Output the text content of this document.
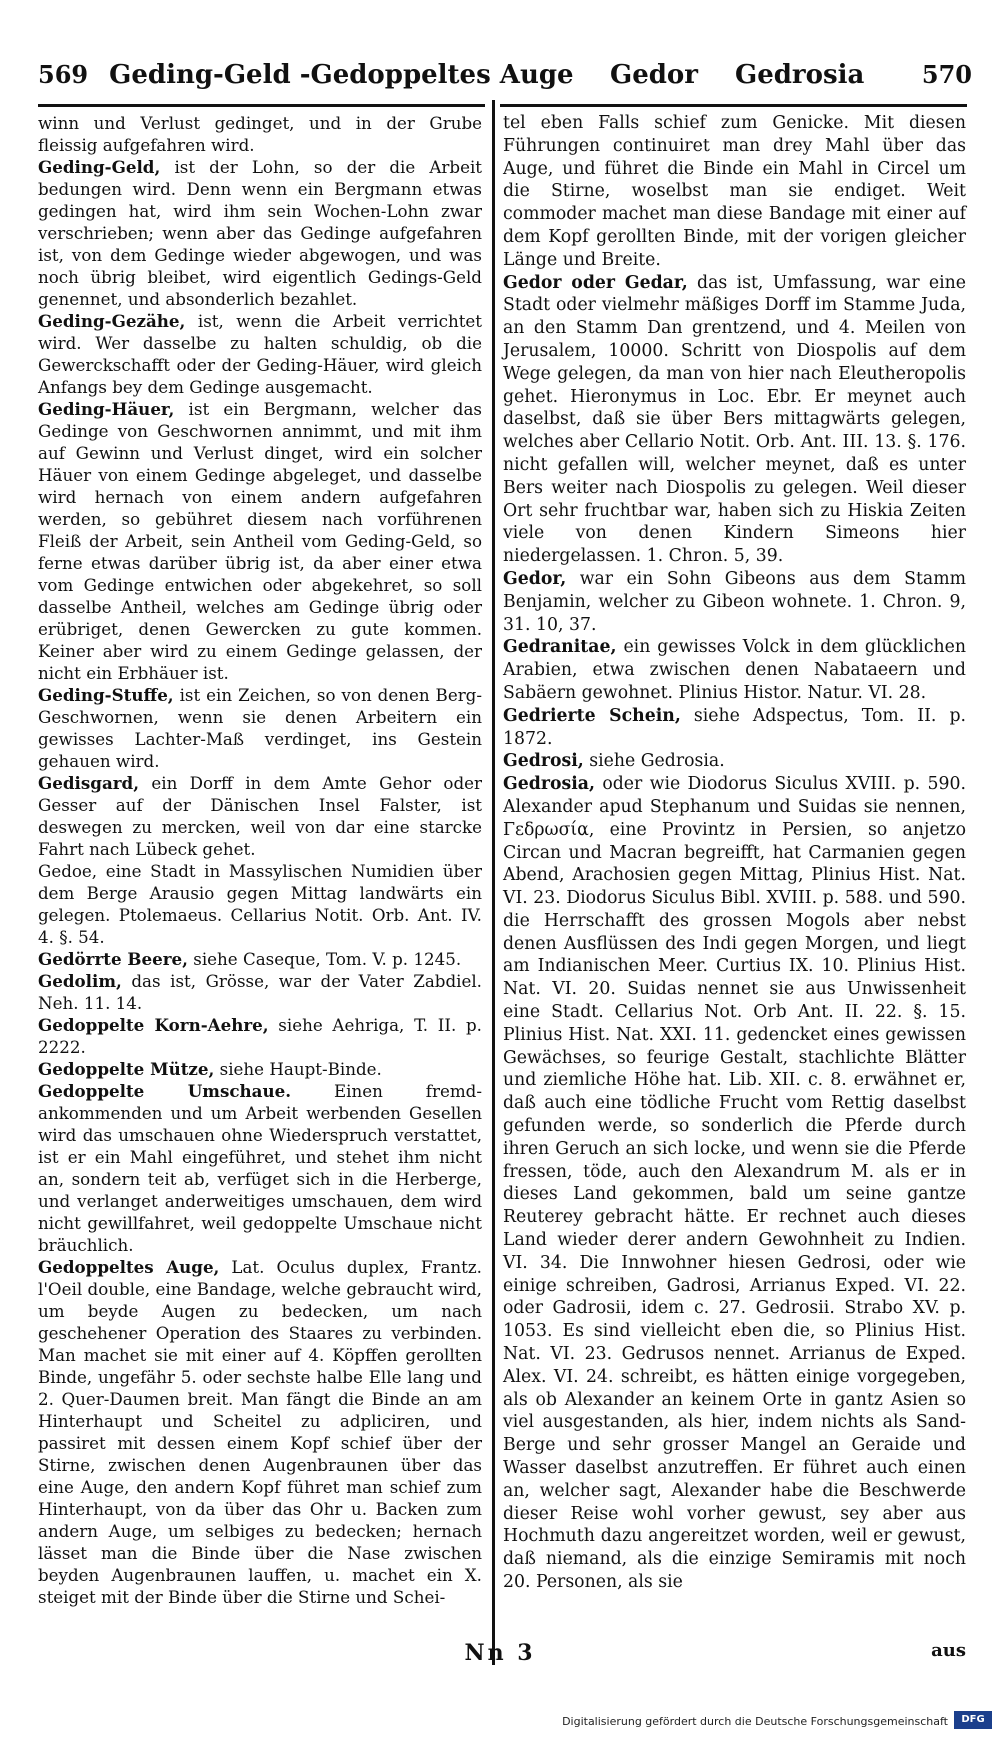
569 Geding-Geld -Gedoppeltes Auge Gedor Gedrosia 570

winn und Verlust gedinget, und in der Grube fleissig aufgefahren wird.

Geding-Geld, ist der Lohn, so der die Arbeit bedungen wird. Denn wenn ein Bergmann etwas gedingen hat, wird ihm sein Wochen-Lohn zwar verschrieben; wenn aber das Gedinge aufgefahren ist, von dem Gedinge wieder abgewogen, und was noch übrig bleibet, wird eigentlich Gedings-Geld genennet, und absonderlich bezahlet.

Geding-Gezähe, ist, wenn die Arbeit verrichtet wird. Wer dasselbe zu halten schuldig, ob die Gewerckschafft oder der Geding-Häuer, wird gleich Anfangs bey dem Gedinge ausgemacht.

Geding-Häuer, ist ein Bergmann, welcher das Gedinge von Geschwornen annimmt, und mit ihm auf Gewinn und Verlust dinget, wird ein solcher Häuer von einem Gedinge abgeleget, und dasselbe wird hernach von einem andern aufgefahren werden, so gebühret diesem nach vorführenen Fleiß der Arbeit, sein Antheil vom Geding-Geld, so ferne etwas darüber übrig ist, da aber einer etwa vom Gedinge entwichen oder abgekehret, so soll dasselbe Antheil, welches am Gedinge übrig oder erübriget, denen Gewercken zu gute kommen. Keiner aber wird zu einem Gedinge gelassen, der nicht ein Erbhäuer ist.

Geding-Stuffe, ist ein Zeichen, so von denen Berg-Geschwornen, wenn sie denen Arbeitern ein gewisses Lachter-Maß verdinget, ins Gestein gehauen wird.

Gedisgard, ein Dorff in dem Amte Gehor oder Gesser auf der Dänischen Insel Falster, ist deswegen zu mercken, weil von dar eine starcke Fahrt nach Lübeck gehet.

Gedoe, eine Stadt in Massylischen Numidien über dem Berge Arausio gegen Mittag landwärts ein gelegen. Ptolemaeus. Cellarius Notit. Orb. Ant. IV. 4. §. 54.

Gedörrte Beere, siehe Caseque, Tom. V. p. 1245.

Gedolim, das ist, Grösse, war der Vater Zabdiel. Neh. 11. 14.

Gedoppelte Korn-Aehre, siehe Aehriga, T. II. p. 2222.

Gedoppelte Mütze, siehe Haupt-Binde.

Gedoppelte Umschaue.	Einen fremd-ankommenden und um Arbeit werbenden Gesellen wird das umschauen ohne Wiederspruch verstattet, ist er ein Mahl eingeführet, und stehet ihm nicht an, sondern teit ab, verfüget sich in die Herberge, und verlanget anderweitiges umschauen, dem wird nicht gewillfahret, weil gedoppelte Umschaue nicht bräuchlich.

Gedoppeltes Auge, Lat. Oculus duplex, Frantz. l'Oeil double, eine Bandage, welche gebraucht wird, um beyde Augen zu bedecken, um nach geschehener Operation des Staares zu verbinden. Man machet sie mit einer auf 4. Köpffen gerollten Binde, ungefähr 5. oder sechste halbe Elle lang und 2. Quer-Daumen breit. Man fängt die Binde an am Hinterhaupt und Scheitel zu adpliciren, und passiret mit dessen einem Kopf schief über der Stirne, zwischen denen Augenbraunen über das eine Auge, den andern Kopf führet man schief zum Hinterhaupt, von da über das Ohr u. Backen zum andern Auge, um selbiges zu bedecken; hernach lässet man die Binde über die Nase zwischen beyden Augenbraunen lauffen, u. machet ein X. steiget mit der Binde über die Stirne und Schei-

tel eben Falls schief zum Genicke. Mit diesen Führungen continuiret man drey Mahl über das Auge, und führet die Binde ein Mahl in Circel um die Stirne, woselbst man sie endiget. Weit commoder machet man diese Bandage mit einer auf dem Kopf gerollten Binde, mit der vorigen gleicher Länge und Breite.

Gedor oder Gedar, das ist, Umfassung, war eine Stadt oder vielmehr mäßiges Dorff im Stamme Juda, an den Stamm Dan grentzend, und 4. Meilen von Jerusalem, 10000. Schritt von Diospolis auf dem Wege gelegen, da man von hier nach Eleutheropolis gehet. Hieronymus in Loc. Ebr. Er meynet auch daselbst, daß sie über Bers mittagwärts gelegen, welches aber Cellario Notit. Orb. Ant. III. 13. §. 176. nicht gefallen will, welcher meynet, daß es unter Bers weiter nach Diospolis zu gelegen. Weil dieser Ort sehr fruchtbar war, haben sich zu Hiskia Zeiten viele von denen Kindern Simeons hier niedergelassen. 1. Chron. 5, 39.

Gedor, war ein Sohn Gibeons aus dem Stamm Benjamin, welcher zu Gibeon wohnete. 1. Chron. 9, 31. 10, 37.

Gedranitae, ein gewisses Volck in dem glücklichen Arabien, etwa zwischen denen Nabataeern und Sabäern gewohnet. Plinius Histor. Natur. VI. 28.

Gedrierte Schein, siehe Adspectus, Tom. II. p. 1872.

Gedrosi, siehe Gedrosia.

Gedrosia, oder wie Diodorus Siculus XVIII. p. 590. Alexander apud Stephanum und Suidas sie nennen, Γεδρωσία, eine Provintz in Persien, so anjetzo Circan und Macran begreifft, hat Carmanien gegen Abend, Arachosien gegen Mittag, Plinius Hist. Nat. VI. 23. Diodorus Siculus Bibl. XVIII. p. 588. und 590. die Herrschafft des grossen Mogols aber nebst denen Ausflüssen des Indi gegen Morgen, und liegt am Indianischen Meer. Curtius IX. 10. Plinius Hist. Nat. VI. 20. Suidas nennet sie aus Unwissenheit eine Stadt. Cellarius Not. Orb Ant. II. 22. §. 15. Plinius Hist. Nat. XXI. 11. gedencket eines gewissen Gewächses, so feurige Gestalt, stachlichte Blätter und ziemliche Höhe hat. Lib. XII. c. 8. erwähnet er, daß auch eine tödliche Frucht vom Rettig daselbst gefunden werde, so sonderlich die Pferde durch ihren Geruch an sich locke, und wenn sie die Pferde fressen, töde, auch den Alexandrum M. als er in dieses Land gekommen, bald um seine gantze Reuterey gebracht hätte. Er rechnet auch dieses Land wieder derer andern Gewohnheit zu Indien. VI. 34. Die Innwohner hiesen Gedrosi, oder wie einige schreiben, Gadrosi, Arrianus Exped. VI. 22. oder Gadrosii, idem c. 27. Gedrosii. Strabo XV. p. 1053. Es sind vielleicht eben die, so Plinius Hist. Nat. VI. 23. Gedrusos nennet. Arrianus de Exped. Alex. VI. 24. schreibt, es hätten einige vorgegeben, als ob Alexander an keinem Orte in gantz Asien so viel ausgestanden, als hier, indem nichts als Sand-Berge und sehr grosser Mangel an Geraide und Wasser daselbst anzutreffen. Er führet auch einen an, welcher sagt, Alexander habe die Beschwerde dieser Reise wohl vorher gewust, sey aber aus Hochmuth dazu angereitzet worden, weil er gewust, daß niemand, als die einzige Semiramis mit noch 20. Personen, als sie

Nn 3	aus
Digitalisierung gefördert durch die Deutsche Forschungsgemeinschaft	DFG
